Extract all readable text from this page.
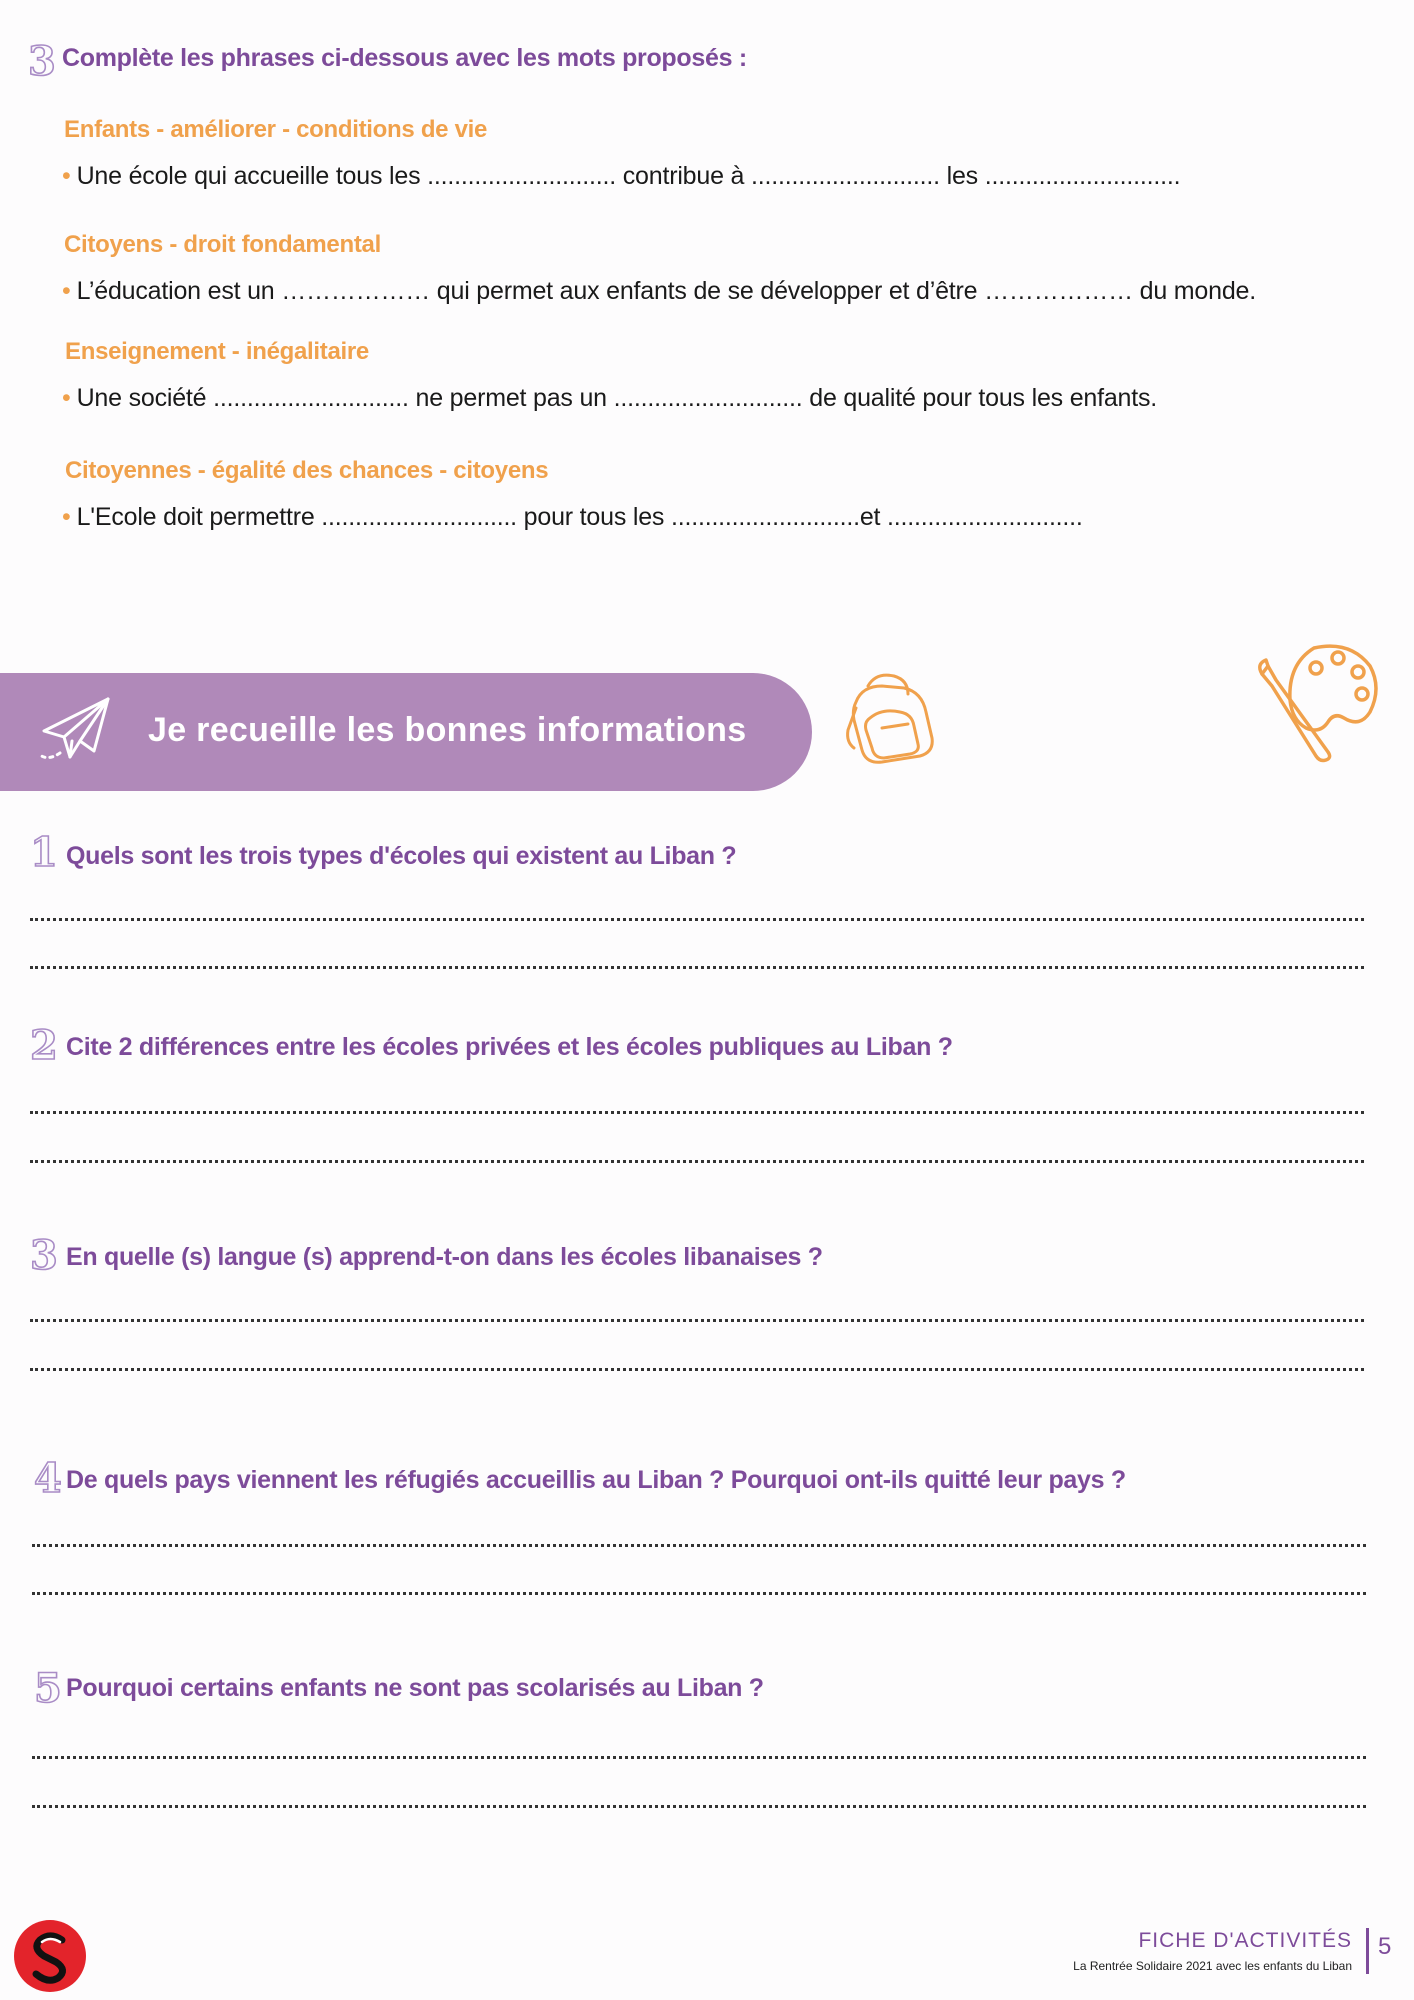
3 Complète les phrases ci-dessous avec les mots proposés :
Enfants - améliorer - conditions de vie
• Une école qui accueille tous les ............................ contribue à ............................ les .............................
Citoyens - droit fondamental
• L’éducation est un ……………… qui permet aux enfants de se développer et d’être ……………… du monde.
Enseignement - inégalitaire
• Une société ............................. ne permet pas un ............................ de qualité pour tous les enfants.
Citoyennes - égalité des chances - citoyens
• L'Ecole doit permettre ............................. pour tous les ............................et .............................
Je recueille les bonnes informations
1 Quels sont les trois types d'écoles qui existent au Liban ?
2 Cite 2 différences entre les écoles privées et les écoles publiques au Liban ?
3 En quelle (s) langue (s) apprend-t-on dans les écoles libanaises ?
4 De quels pays viennent les réfugiés accueillis au Liban ? Pourquoi ont-ils quitté leur pays ?
5 Pourquoi certains enfants ne sont pas scolarisés au Liban ?
FICHE D'ACTIVITÉS
La Rentrée Solidaire 2021 avec les enfants du Liban
5
